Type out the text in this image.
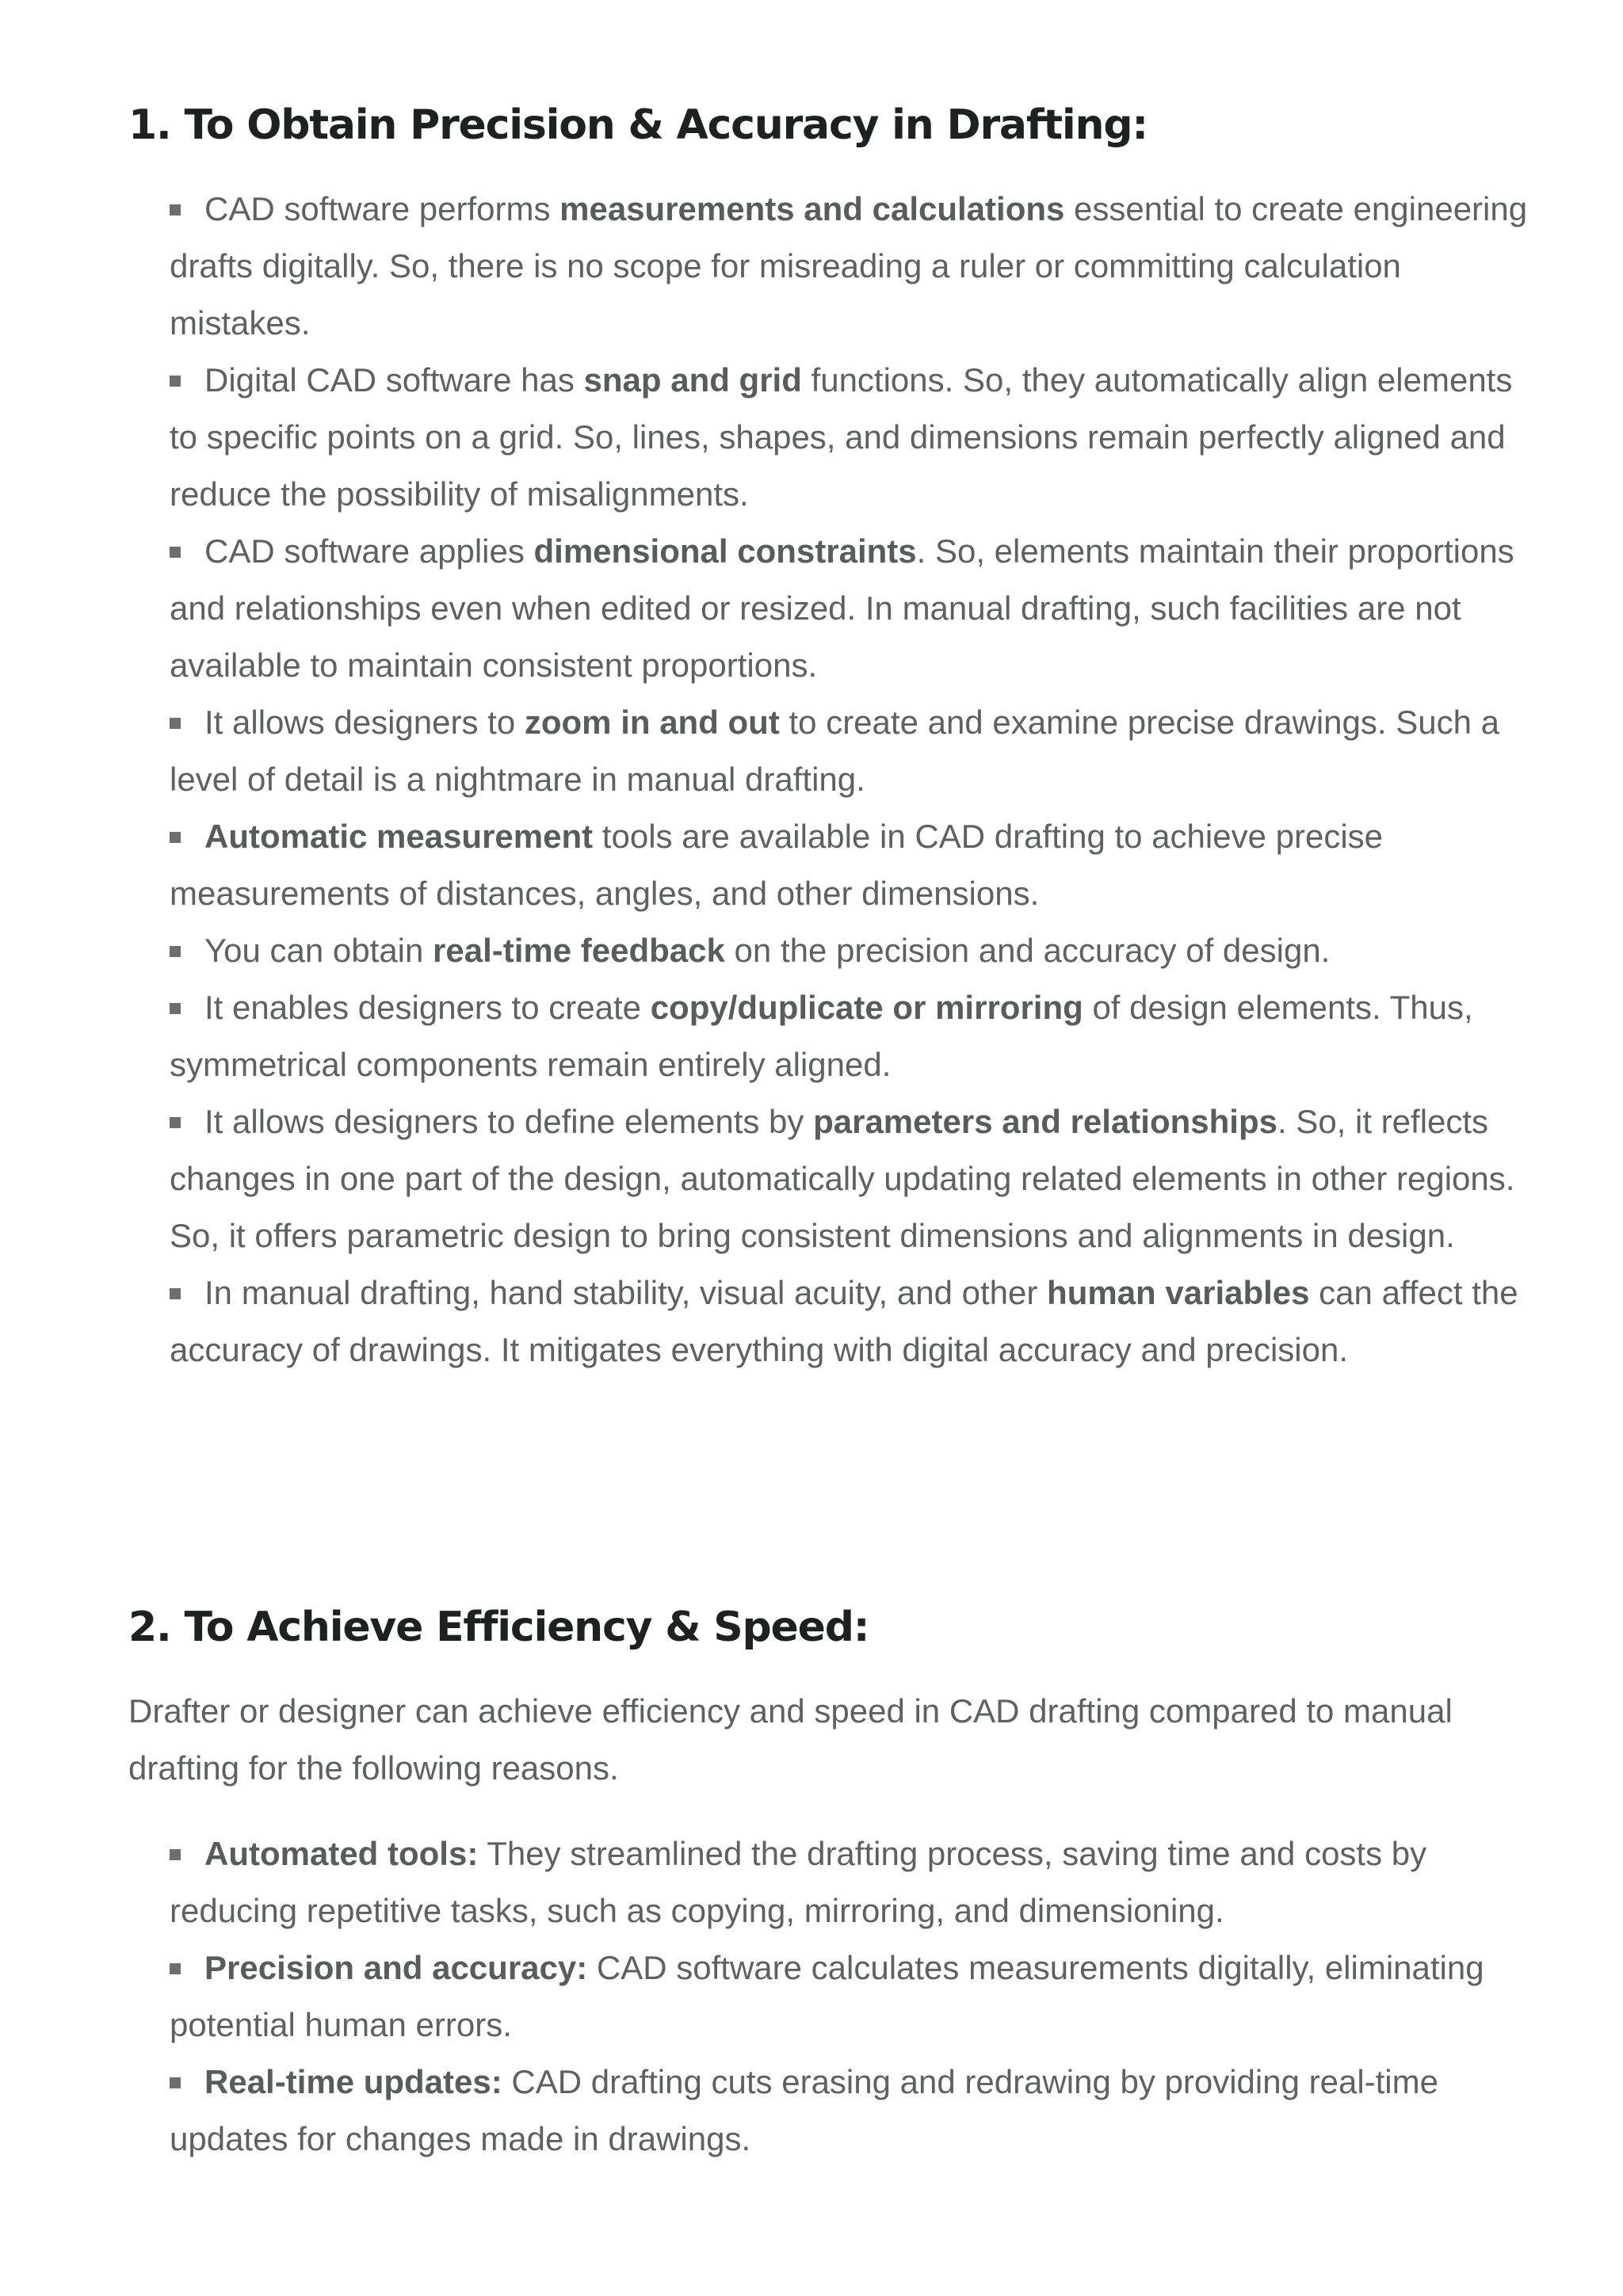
1. To Obtain Precision & Accuracy in Drafting:
CAD software performs measurements and calculations essential to create engineering drafts digitally. So, there is no scope for misreading a ruler or committing calculation mistakes.
Digital CAD software has snap and grid functions. So, they automatically align elements to specific points on a grid. So, lines, shapes, and dimensions remain perfectly aligned and reduce the possibility of misalignments.
CAD software applies dimensional constraints. So, elements maintain their proportions and relationships even when edited or resized. In manual drafting, such facilities are not available to maintain consistent proportions.
It allows designers to zoom in and out to create and examine precise drawings. Such a level of detail is a nightmare in manual drafting.
Automatic measurement tools are available in CAD drafting to achieve precise measurements of distances, angles, and other dimensions.
You can obtain real-time feedback on the precision and accuracy of design.
It enables designers to create copy/duplicate or mirroring of design elements. Thus, symmetrical components remain entirely aligned.
It allows designers to define elements by parameters and relationships. So, it reflects changes in one part of the design, automatically updating related elements in other regions. So, it offers parametric design to bring consistent dimensions and alignments in design.
In manual drafting, hand stability, visual acuity, and other human variables can affect the accuracy of drawings. It mitigates everything with digital accuracy and precision.
2. To Achieve Efficiency & Speed:

Drafter or designer can achieve efficiency and speed in CAD drafting compared to manual drafting for the following reasons.

Automated tools: They streamlined the drafting process, saving time and costs by reducing repetitive tasks, such as copying, mirroring, and dimensioning.
Precision and accuracy: CAD software calculates measurements digitally, eliminating potential human errors.
Real-time updates: CAD drafting cuts erasing and redrawing by providing real-time updates for changes made in drawings.
